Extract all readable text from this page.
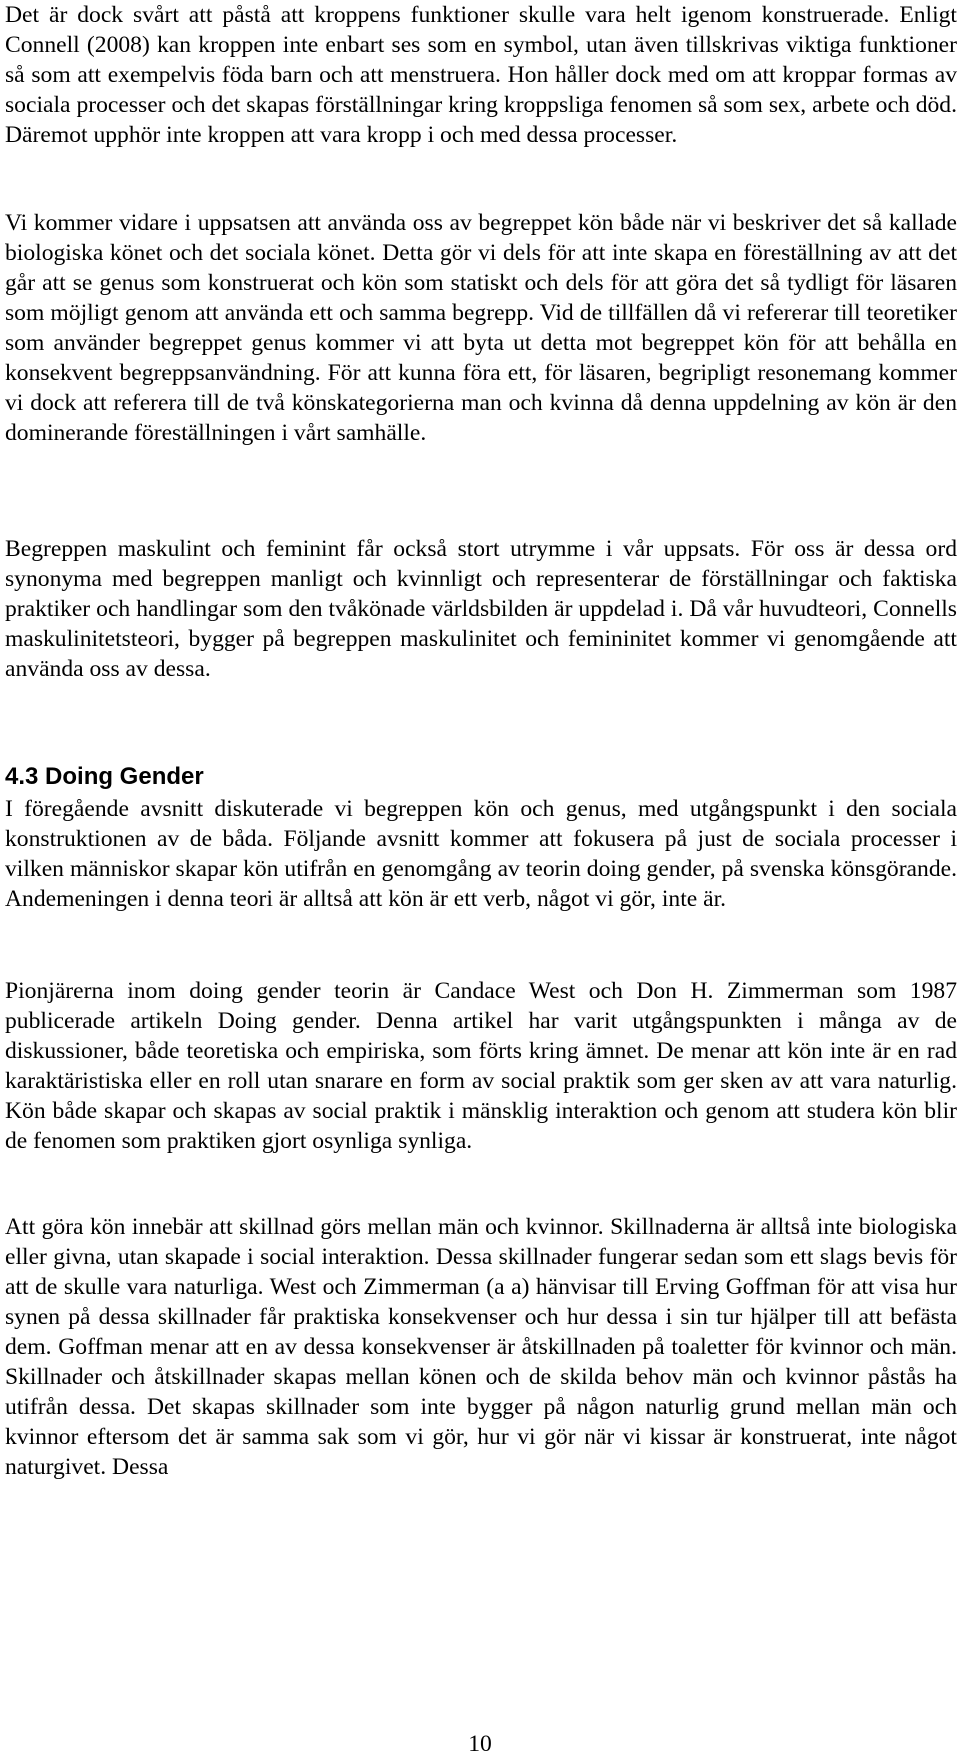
Det är dock svårt att påstå att kroppens funktioner skulle vara helt igenom konstruerade. Enligt Connell (2008) kan kroppen inte enbart ses som en symbol, utan även tillskrivas viktiga funktioner så som att exempelvis föda barn och att menstruera. Hon håller dock med om att kroppar formas av sociala processer och det skapas förställningar kring kroppsliga fenomen så som sex, arbete och död. Däremot upphör inte kroppen att vara kropp i och med dessa processer.

Vi kommer vidare i uppsatsen att använda oss av begreppet kön både när vi beskriver det så kallade biologiska könet och det sociala könet. Detta gör vi dels för att inte skapa en föreställning av att det går att se genus som konstruerat och kön som statiskt och dels för att göra det så tydligt för läsaren som möjligt genom att använda ett och samma begrepp. Vid de tillfällen då vi refererar till teoretiker som använder begreppet genus kommer vi att byta ut detta mot begreppet kön för att behålla en konsekvent begreppsanvändning. För att kunna föra ett, för läsaren, begripligt resonemang kommer vi dock att referera till de två könskategorierna man och kvinna då denna uppdelning av kön är den dominerande föreställningen i vårt samhälle.

Begreppen maskulint och feminint får också stort utrymme i vår uppsats. För oss är dessa ord synonyma med begreppen manligt och kvinnligt och representerar de förställningar och faktiska praktiker och handlingar som den tvåkönade världsbilden är uppdelad i. Då vår huvudteori, Connells maskulinitetsteori, bygger på begreppen maskulinitet och femininitet kommer vi genomgående att använda oss av dessa.

4.3 Doing Gender

I föregående avsnitt diskuterade vi begreppen kön och genus, med utgångspunkt i den sociala konstruktionen av de båda. Följande avsnitt kommer att fokusera på just de sociala processer i vilken människor skapar kön utifrån en genomgång av teorin doing gender, på svenska könsgörande. Andemeningen i denna teori är alltså att kön är ett verb, något vi gör, inte är.

Pionjärerna inom doing gender teorin är Candace West och Don H. Zimmerman som 1987 publicerade artikeln Doing gender. Denna artikel har varit utgångspunkten i många av de diskussioner, både teoretiska och empiriska, som förts kring ämnet. De menar att kön inte är en rad karaktäristiska eller en roll utan snarare en form av social praktik som ger sken av att vara naturlig. Kön både skapar och skapas av social praktik i mänsklig interaktion och genom att studera kön blir de fenomen som praktiken gjort osynliga synliga.

Att göra kön innebär att skillnad görs mellan män och kvinnor. Skillnaderna är alltså inte biologiska eller givna, utan skapade i social interaktion. Dessa skillnader fungerar sedan som ett slags bevis för att de skulle vara naturliga. West och Zimmerman (a a) hänvisar till Erving Goffman för att visa hur synen på dessa skillnader får praktiska konsekvenser och hur dessa i sin tur hjälper till att befästa dem. Goffman menar att en av dessa konsekvenser är åtskillnaden på toaletter för kvinnor och män. Skillnader och åtskillnader skapas mellan könen och de skilda behov män och kvinnor påstås ha utifrån dessa. Det skapas skillnader som inte bygger på någon naturlig grund mellan män och kvinnor eftersom det är samma sak som vi gör, hur vi gör när vi kissar är konstruerat, inte något naturgivet. Dessa

10
